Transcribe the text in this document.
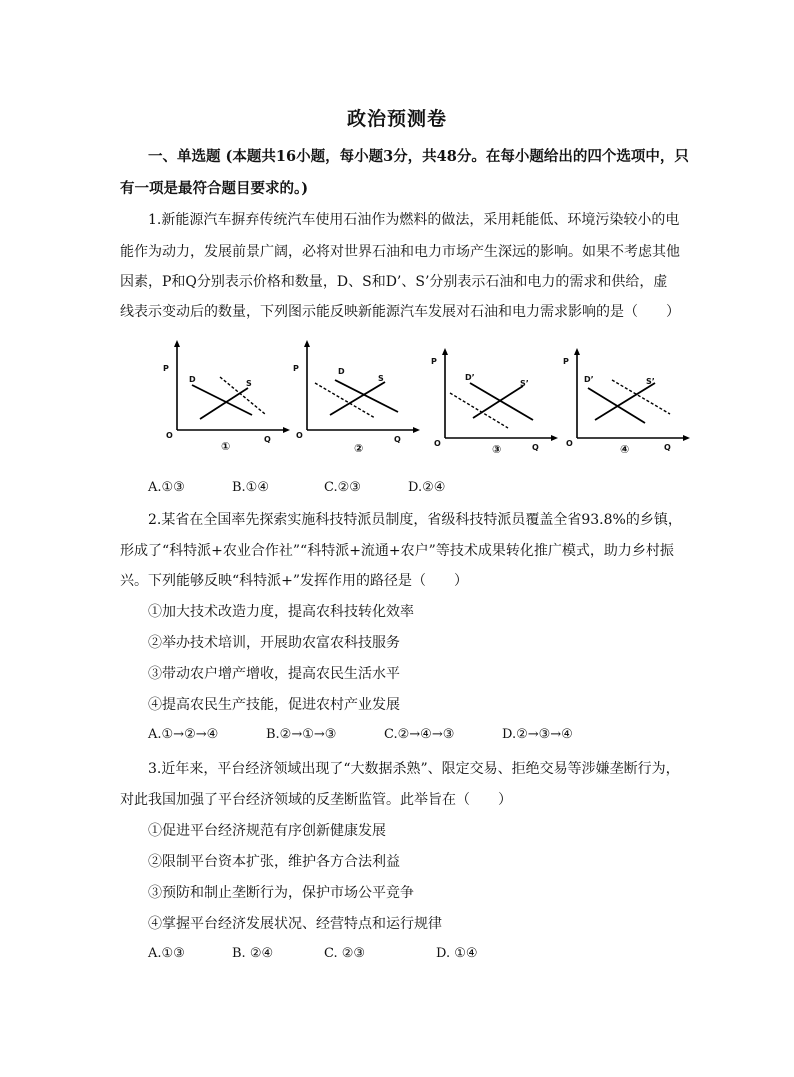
政治预测卷
一、单选题 (本题共16小题，每小题3分，共48分。在每小题给出的四个选项中，只
有一项是最符合题目要求的。)
1.新能源汽车摒弃传统汽车使用石油作为燃料的做法，采用耗能低、环境污染较小的电
能作为动力，发展前景广阔，必将对世界石油和电力市场产生深远的影响。如果不考虑其他
因素，P和Q分别表示价格和数量，D、S和D’、S’分别表示石油和电力的需求和供给，虚
线表示变动后的数量，下列图示能反映新能源汽车发展对石油和电力需求影响的是（　　）
P
O	Q
D	S
①
P
O	Q
D
S
②
P
O	Q
D’
S’
③
P
O	Q
D’	S’
④
A.①③	B.①④	C.②③	D.②④
2.某省在全国率先探索实施科技特派员制度，省级科技特派员覆盖全省93.8%的乡镇，
形成了“科特派+农业合作社”“科特派+流通+农户”等技术成果转化推广模式，助力乡村振
兴。下列能够反映“科特派+”发挥作用的路径是（　　）
①加大技术改造力度，提高农科技转化效率
②举办技术培训，开展助农富农科技服务
③带动农户增产增收，提高农民生活水平
④提高农民生产技能，促进农村产业发展
A.①→②→④	B.②→①→③	C.②→④→③	D.②→③→④
3.近年来，平台经济领域出现了“大数据杀熟”、限定交易、拒绝交易等涉嫌垄断行为，
对此我国加强了平台经济领域的反垄断监管。此举旨在（　　）
①促进平台经济规范有序创新健康发展
②限制平台资本扩张，维护各方合法利益
③预防和制止垄断行为，保护市场公平竞争
④掌握平台经济发展状况、经营特点和运行规律
A.①③	B. ②④	C. ②③	D. ①④
